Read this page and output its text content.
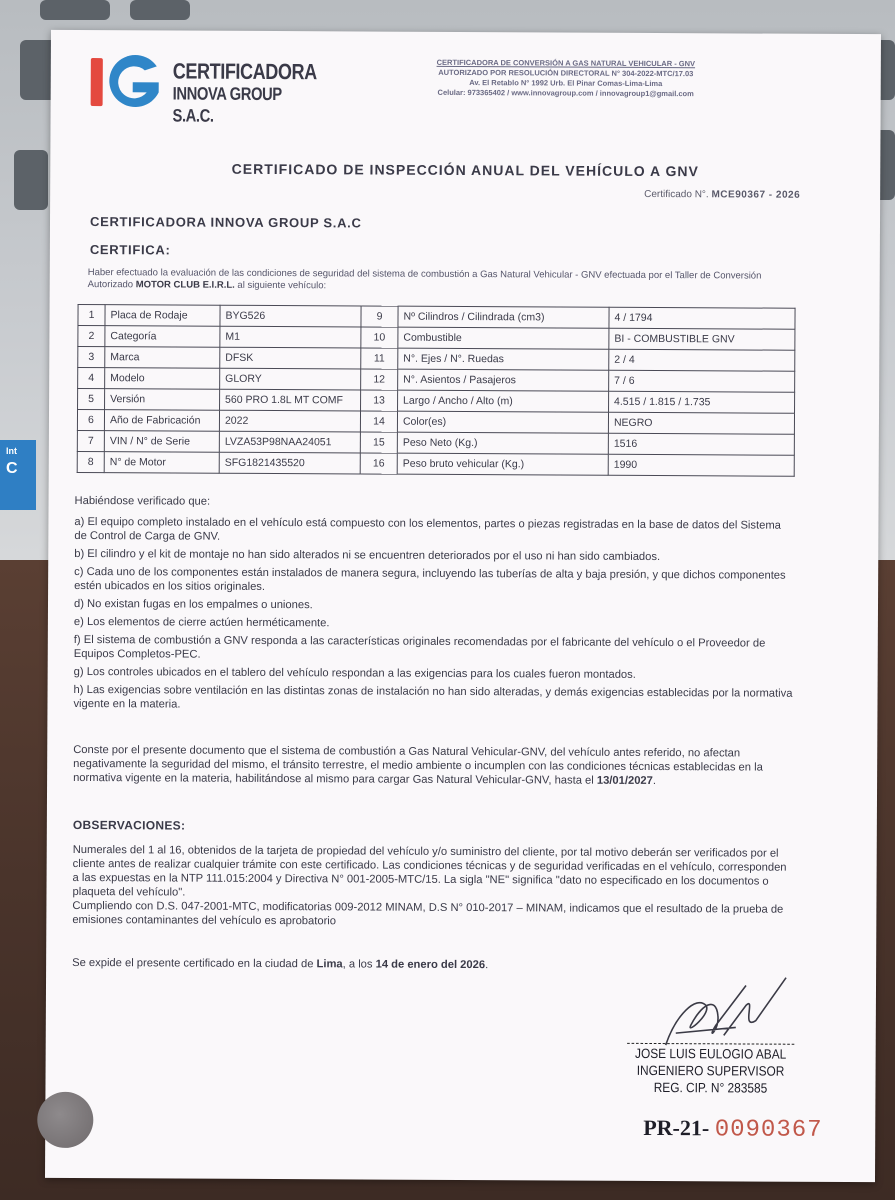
Int
C
CERTIFICADORA
INNOVA GROUP S.A.C.
CERTIFICADORA DE CONVERSIÓN A GAS NATURAL VEHICULAR - GNV
AUTORIZADO POR RESOLUCIÓN DIRECTORAL N° 304-2022-MTC/17.03
Av. El Retablo N° 1992 Urb. El Pinar Comas-Lima-Lima
Celular: 973365402 / www.innovagroup.com / innovagroup1@gmail.com
CERTIFICADO DE INSPECCIÓN ANUAL DEL VEHÍCULO A GNV
Certificado N°. MCE90367 - 2026
CERTIFICADORA INNOVA GROUP S.A.C
CERTIFICA:
Haber efectuado la evaluación de las condiciones de seguridad del sistema de combustión a Gas Natural Vehicular - GNV efectuada por el Taller de Conversión Autorizado MOTOR CLUB E.I.R.L. al siguiente vehículo:
1	Placa de Rodaje	BYG526	9	Nº Cilindros / Cilindrada (cm3)	4 / 1794
2	Categoría	M1	10	Combustible	BI - COMBUSTIBLE GNV
3	Marca	DFSK	11	N°. Ejes / N°. Ruedas	2 / 4
4	Modelo	GLORY	12	N°. Asientos / Pasajeros	7 / 6
5	Versión	560 PRO 1.8L MT COMF	13	Largo / Ancho / Alto (m)	4.515 / 1.815 / 1.735
6	Año de Fabricación	2022	14	Color(es)	NEGRO
7	VIN / N° de Serie	LVZA53P98NAA24051	15	Peso Neto (Kg.)	1516
8	N° de Motor	SFG1821435520	16	Peso bruto vehicular (Kg.)	1990

Habiéndose verificado que:

a) El equipo completo instalado en el vehículo está compuesto con los elementos, partes o piezas registradas en la base de datos del Sistema de Control de Carga de GNV.

b) El cilindro y el kit de montaje no han sido alterados ni se encuentren deteriorados por el uso ni han sido cambiados.

c) Cada uno de los componentes están instalados de manera segura, incluyendo las tuberías de alta y baja presión, y que dichos componentes estén ubicados en los sitios originales.

d) No existan fugas en los empalmes o uniones.

e) Los elementos de cierre actúen herméticamente.

f) El sistema de combustión a GNV responda a las características originales recomendadas por el fabricante del vehículo o el Proveedor de Equipos Completos-PEC.

g) Los controles ubicados en el tablero del vehículo respondan a las exigencias para los cuales fueron montados.

h) Las exigencias sobre ventilación en las distintas zonas de instalación no han sido alteradas, y demás exigencias establecidas por la normativa vigente en la materia.

Conste por el presente documento que el sistema de combustión a Gas Natural Vehicular-GNV, del vehículo antes referido, no afectan negativamente la seguridad del mismo, el tránsito terrestre, el medio ambiente o incumplen con las condiciones técnicas establecidas en la normativa vigente en la materia, habilitándose al mismo para cargar Gas Natural Vehicular-GNV, hasta el 13/01/2027.

OBSERVACIONES:

Numerales del 1 al 16, obtenidos de la tarjeta de propiedad del vehículo y/o suministro del cliente, por tal motivo deberán ser verificados por el cliente antes de realizar cualquier trámite con este certificado. Las condiciones técnicas y de seguridad verificadas en el vehículo, corresponden a las expuestas en la NTP 111.015:2004 y Directiva N° 001-2005-MTC/15. La sigla "NE" significa "dato no especificado en los documentos o plaqueta del vehículo".

Cumpliendo con D.S. 047-2001-MTC, modificatorias 009-2012 MINAM, D.S N° 010-2017 – MINAM, indicamos que el resultado de la prueba de emisiones contaminantes del vehículo es aprobatorio

Se expide el presente certificado en la ciudad de Lima, a los 14 de enero del 2026.

JOSE LUIS EULOGIO ABAL
INGENIERO SUPERVISOR
REG. CIP. N° 283585
PR-21- 0090367
